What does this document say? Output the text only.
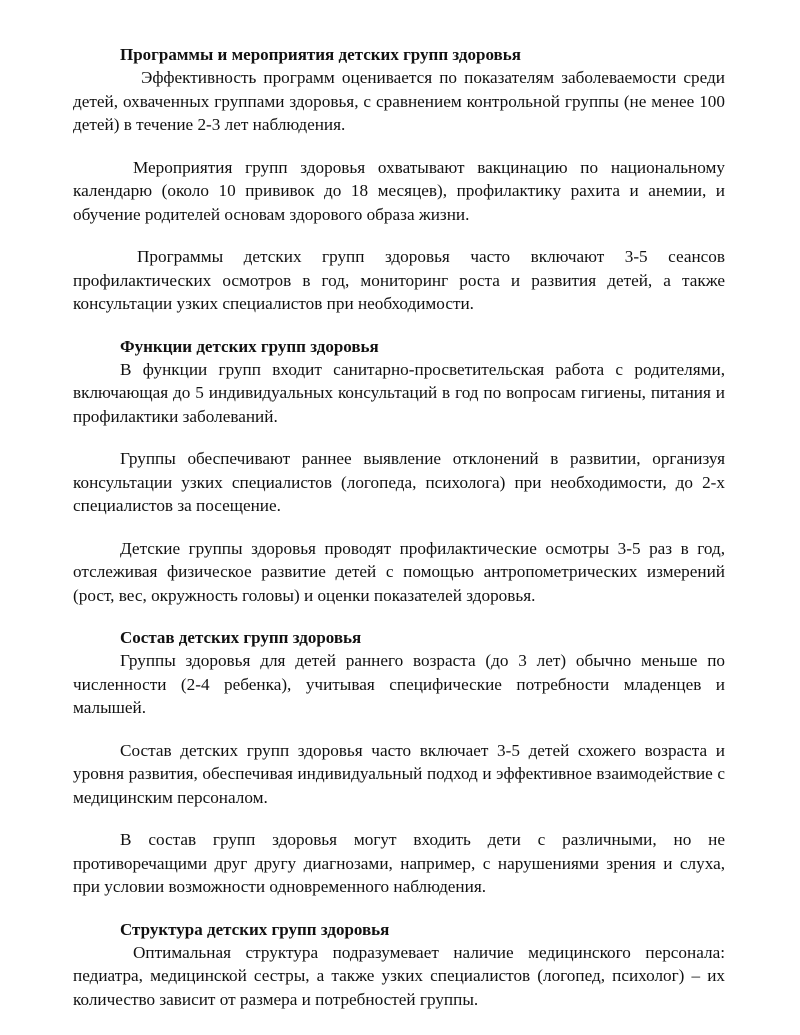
Программы и мероприятия детских групп здоровья

Эффективность программ оценивается по показателям заболеваемости среди детей, охваченных группами здоровья, с сравнением контрольной группы (не менее 100 детей) в течение 2-3 лет наблюдения.

Мероприятия групп здоровья охватывают вакцинацию по национальному календарю (около 10 прививок до 18 месяцев), профилактику рахита и анемии, и обучение родителей основам здорового образа жизни.

Программы детских групп здоровья часто включают 3-5 сеансов профилактических осмотров в год, мониторинг роста и развития детей, а также консультации узких специалистов при необходимости.

Функции детских групп здоровья

В функции групп входит санитарно-просветительская работа с родителями, включающая до 5 индивидуальных консультаций в год по вопросам гигиены, питания и профилактики заболеваний.

Группы обеспечивают раннее выявление отклонений в развитии, организуя консультации узких специалистов (логопеда, психолога) при необходимости, до 2-х специалистов за посещение.

Детские группы здоровья проводят профилактические осмотры 3-5 раз в год, отслеживая физическое развитие детей с помощью антропометрических измерений (рост, вес, окружность головы) и оценки показателей здоровья.

Состав детских групп здоровья

Группы здоровья для детей раннего возраста (до 3 лет) обычно меньше по численности (2-4 ребенка), учитывая специфические потребности младенцев и малышей.

Состав детских групп здоровья часто включает 3-5 детей схожего возраста и уровня развития, обеспечивая индивидуальный подход и эффективное взаимодействие с медицинским персоналом.

В состав групп здоровья могут входить дети с различными, но не противоречащими друг другу диагнозами, например, с нарушениями зрения и слуха, при условии возможности одновременного наблюдения.

Структура детских групп здоровья

Оптимальная структура подразумевает наличие медицинского персонала: педиатра, медицинской сестры, а также узких специалистов (логопед, психолог) – их количество зависит от размера и потребностей группы.
